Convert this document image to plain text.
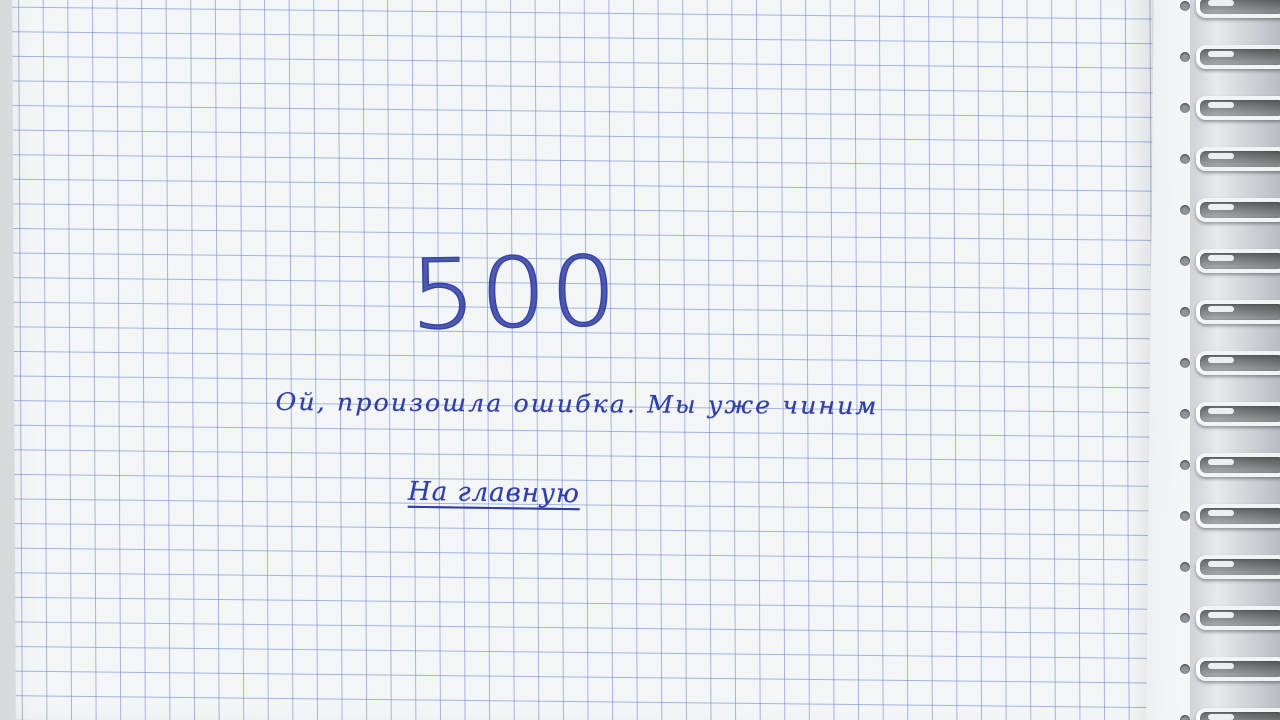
500
Ой, произошла ошибка. Мы уже чиним
На главную
